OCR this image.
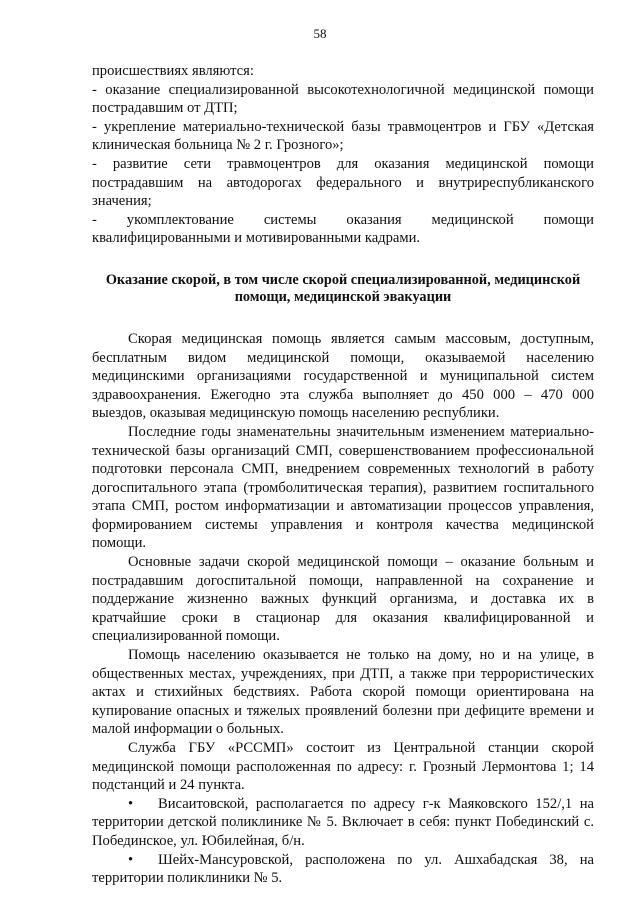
58

происшествиях являются:

- оказание специализированной высокотехнологичной медицинской помощи пострадавшим от ДТП;

- укрепление материально-технической базы травмоцентров и ГБУ «Детская клиническая больница № 2 г. Грозного»;

- развитие сети травмоцентров для оказания медицинской помощи пострадавшим на автодорогах федерального и внутриреспубликанского значения;

- укомплектование системы оказания медицинской помощи квалифицированными и мотивированными кадрами.

Оказание скорой, в том числе скорой специализированной, медицинской помощи, медицинской эвакуации

Скорая медицинская помощь является самым массовым, доступным, бесплатным видом медицинской помощи, оказываемой населению медицинскими организациями государственной и муниципальной систем здравоохранения. Ежегодно эта служба выполняет до 450 000 – 470 000 выездов, оказывая медицинскую помощь населению республики.

Последние годы знаменательны значительным изменением материально-технической базы организаций СМП, совершенствованием профессиональной подготовки персонала СМП, внедрением современных технологий в работу догоспитального этапа (тромболитическая терапия), развитием госпитального этапа СМП, ростом информатизации и автоматизации процессов управления, формированием системы управления и контроля качества медицинской помощи.

Основные задачи скорой медицинской помощи – оказание больным и пострадавшим догоспитальной помощи, направленной на сохранение и поддержание жизненно важных функций организма, и доставка их в кратчайшие сроки в стационар для оказания квалифицированной и специализированной помощи.

Помощь населению оказывается не только на дому, но и на улице, в общественных местах, учреждениях, при ДТП, а также при террористических актах и стихийных бедствиях. Работа скорой помощи ориентирована на купирование опасных и тяжелых проявлений болезни при дефиците времени и малой информации о больных.

Служба ГБУ «РССМП» состоит из Центральной станции скорой медицинской помощи расположенная по адресу: г. Грозный Лермонтова 1; 14 подстанций и 24 пункта.

• Висаитовской, располагается по адресу г-к Маяковского 152/,1 на территории детской поликлинике № 5. Включает в себя: пункт Побединский с. Побединское, ул. Юбилейная, б/н.

• Шейх-Мансуровской, расположена по ул. Ашхабадская 38, на территории поликлиники № 5.
